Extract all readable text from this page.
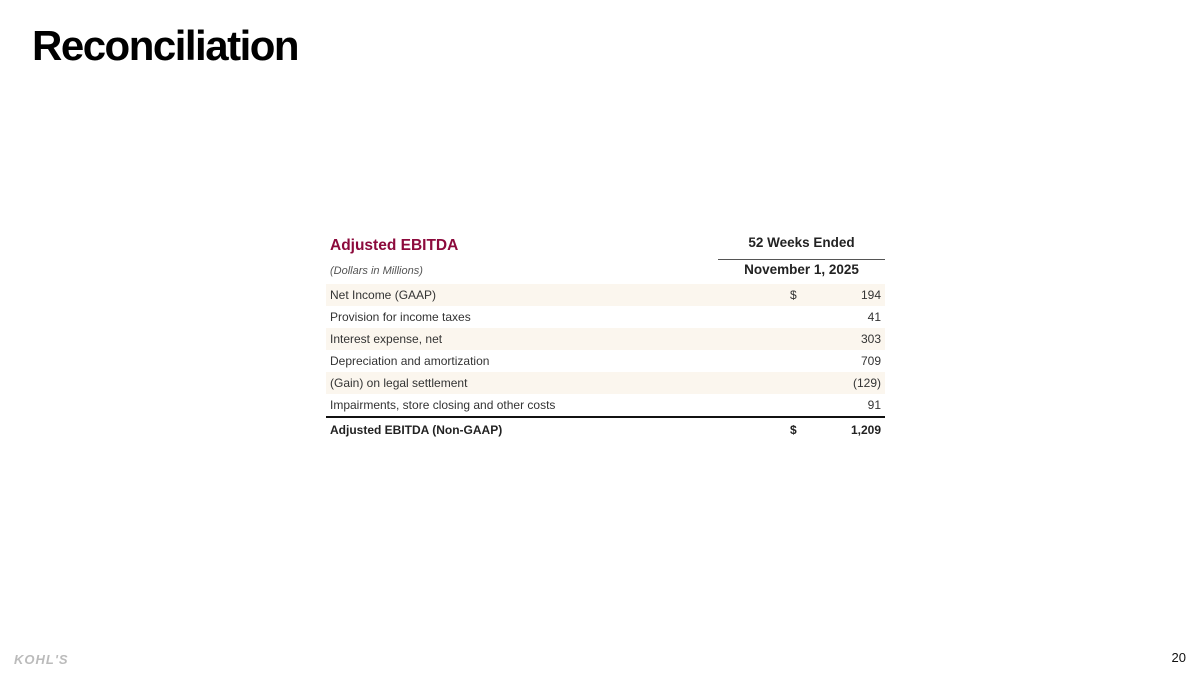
Reconciliation
Adjusted EBITDA
(Dollars in Millions)
52 Weeks Ended
November 1, 2025
Net Income (GAAP)	$	194
Provision for income taxes	41
Interest expense, net	303
Depreciation and amortization	709
(Gain) on legal settlement	(129)
Impairments, store closing and other costs	91
Adjusted EBITDA (Non-GAAP)	$	1,209
KOHL'S	20
